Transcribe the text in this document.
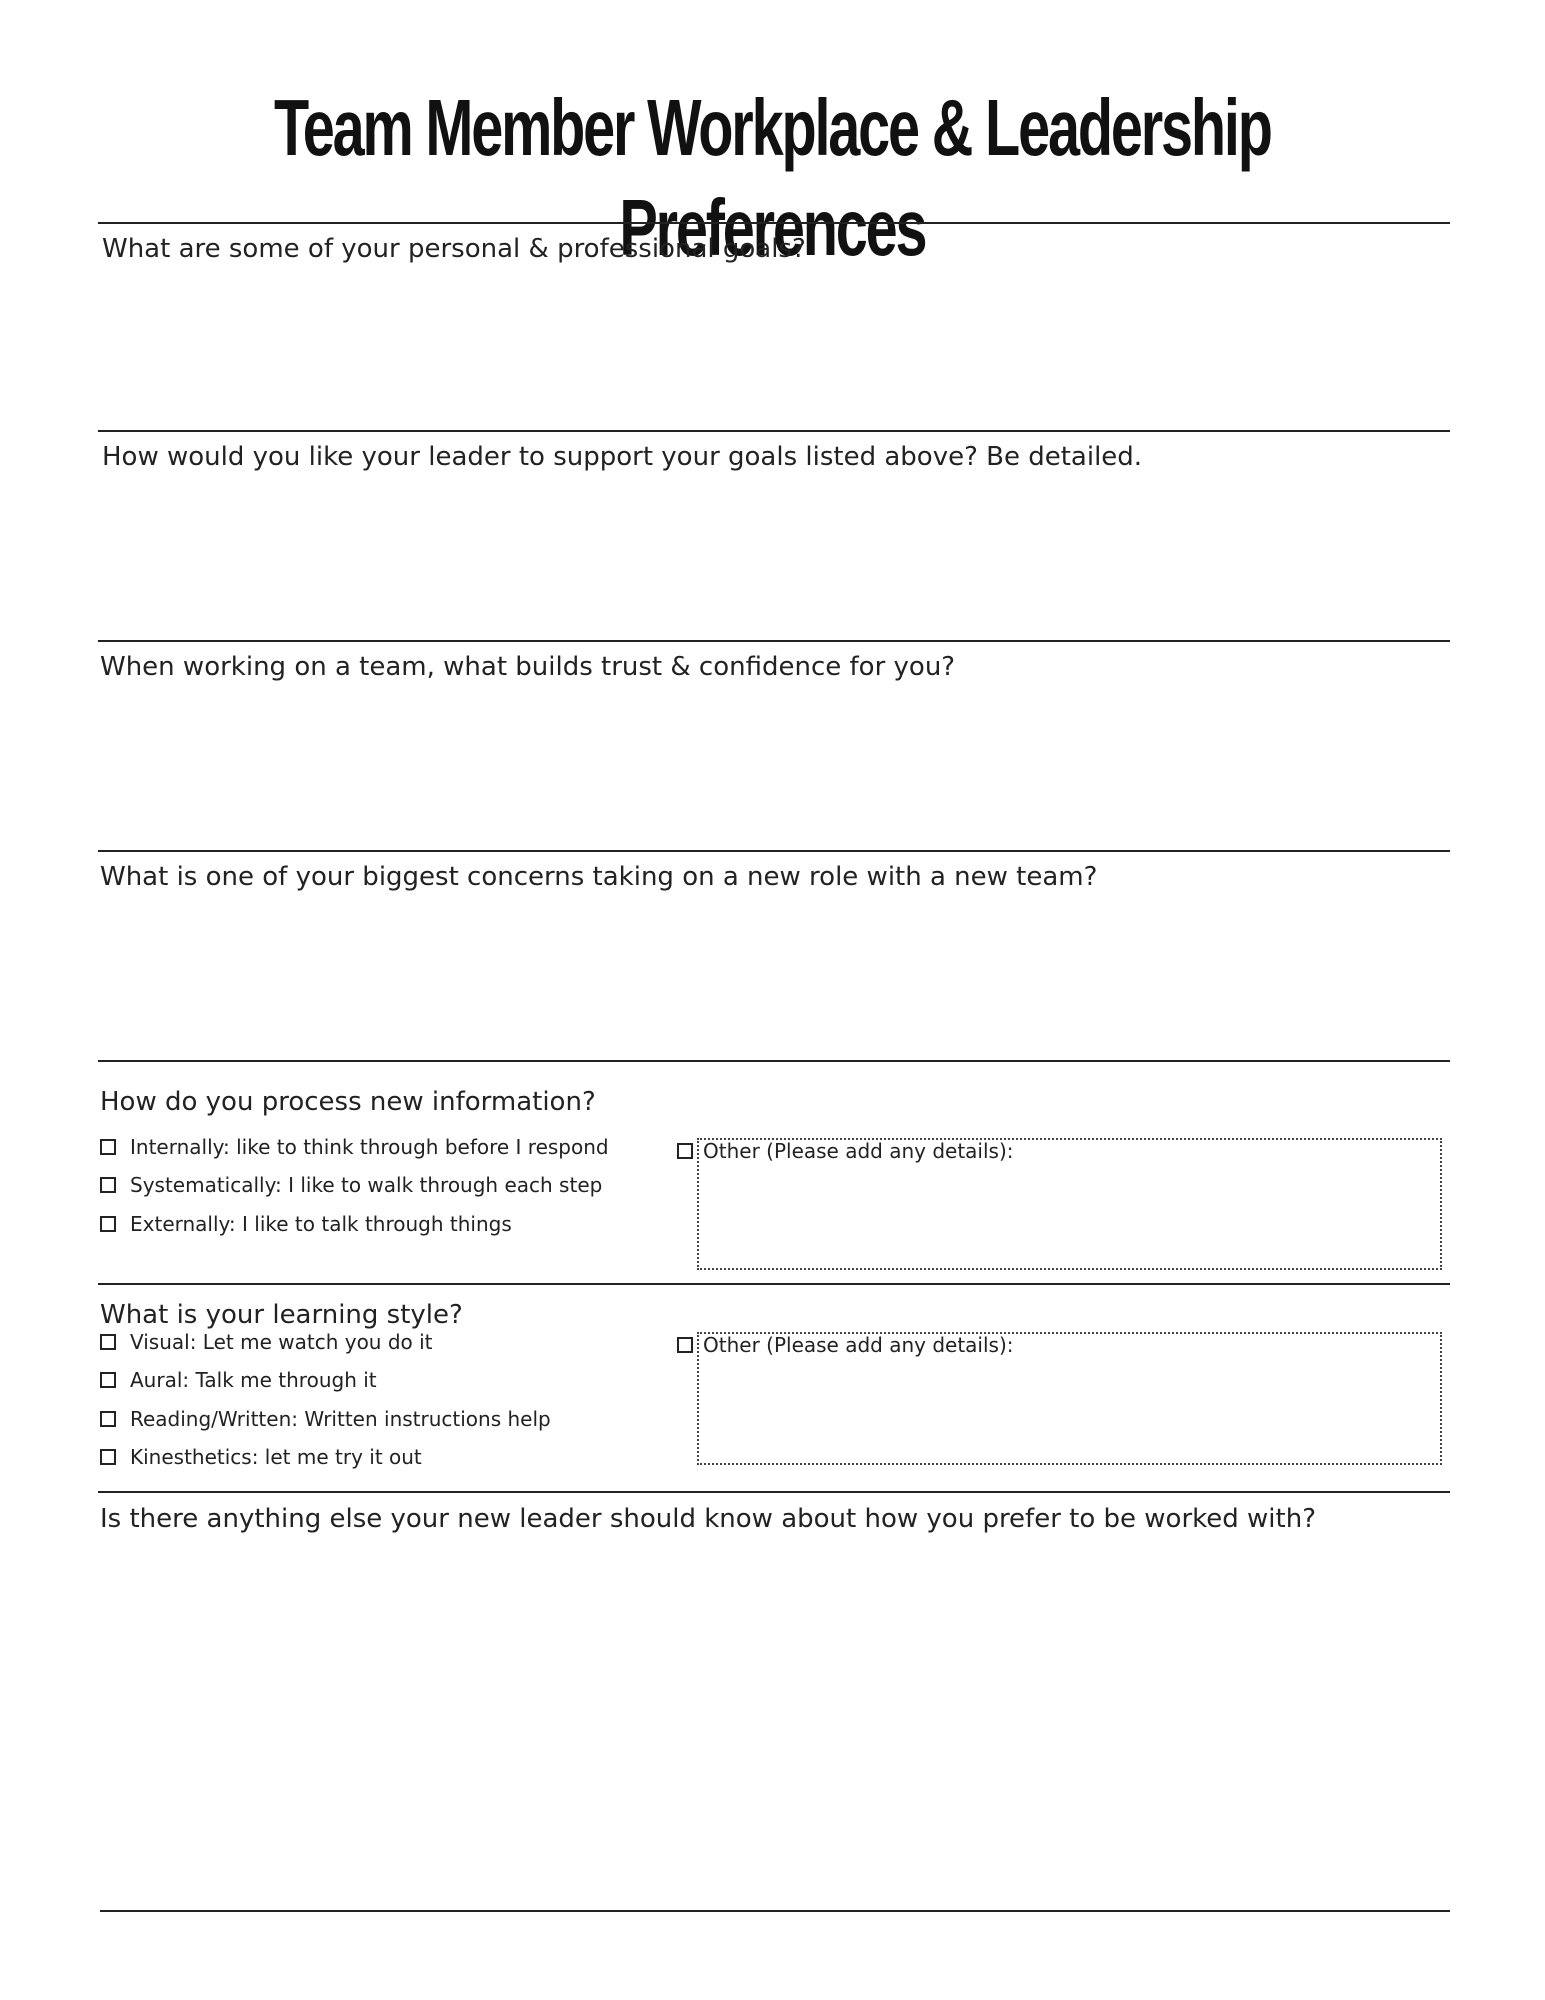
Team Member Workplace & Leadership Preferences
What are some of your personal & professional goals?
How would you like your leader to support your goals listed above? Be detailed.
When working on a team, what builds trust & confidence for you?
What is one of your biggest concerns taking on a new role with a new team?
How do you process new information?
Internally: like to think through before I respond
Systematically: I like to walk through each step
Externally: I like to talk through things
Other (Please add any details):
What is your learning style?
Visual: Let me watch you do it
Aural: Talk me through it
Reading/Written: Written instructions help
Kinesthetics: let me try it out
Other (Please add any details):
Is there anything else your new leader should know about how you prefer to be worked with?
